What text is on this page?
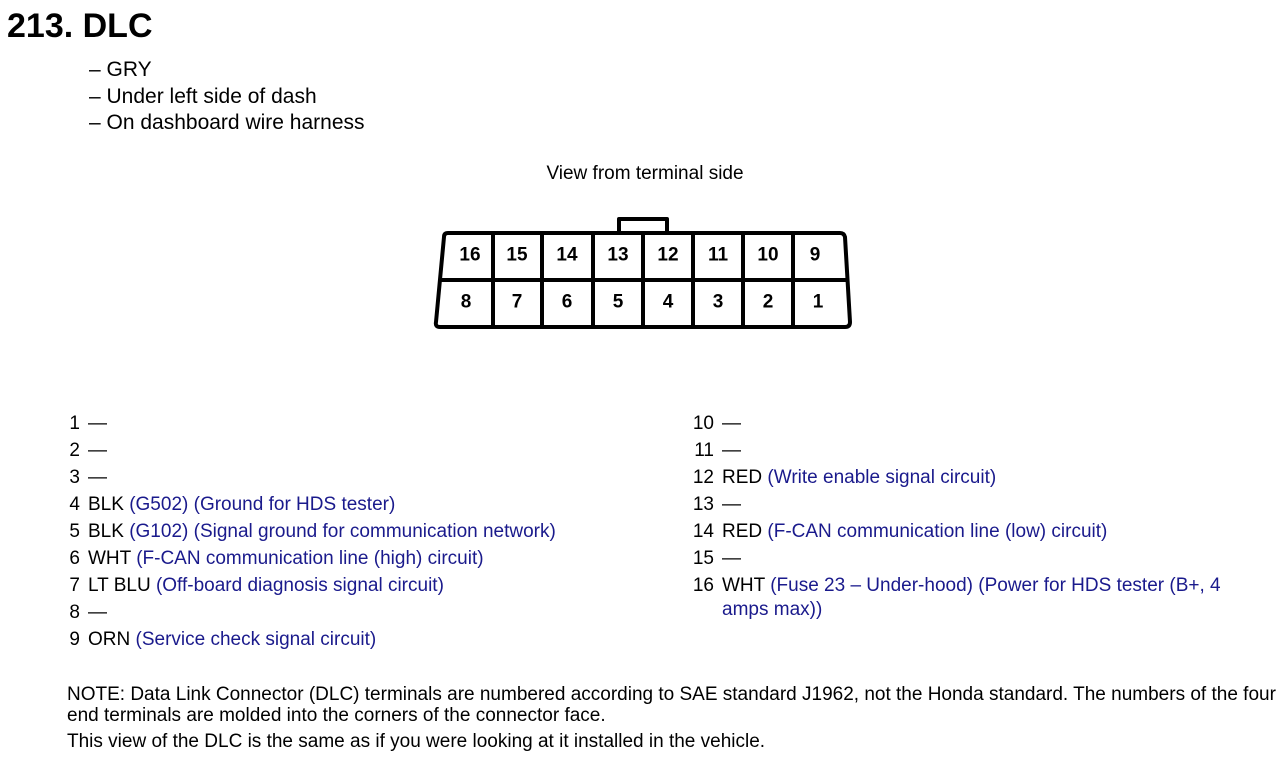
213. DLC
– GRY
– Under left side of dash
– On dashboard wire harness
View from terminal side
16 15 14 13 12 11 10 9
8 7 6 5 4 3 2 1
1 —
2 —
3 —
4 BLK (G502) (Ground for HDS tester)
5 BLK (G102) (Signal ground for communication network)
6 WHT (F-CAN communication line (high) circuit)
7 LT BLU (Off-board diagnosis signal circuit)
8 —
9 ORN (Service check signal circuit)
10 —
11 —
12 RED (Write enable signal circuit)
13 —
14 RED (F-CAN communication line (low) circuit)
15 —
16 WHT (Fuse 23 – Under-hood) (Power for HDS tester (B+, 4 amps max))

NOTE: Data Link Connector (DLC) terminals are numbered according to SAE standard J1962, not the Honda standard. The numbers of the four end terminals are molded into the corners of the connector face.

This view of the DLC is the same as if you were looking at it installed in the vehicle.
